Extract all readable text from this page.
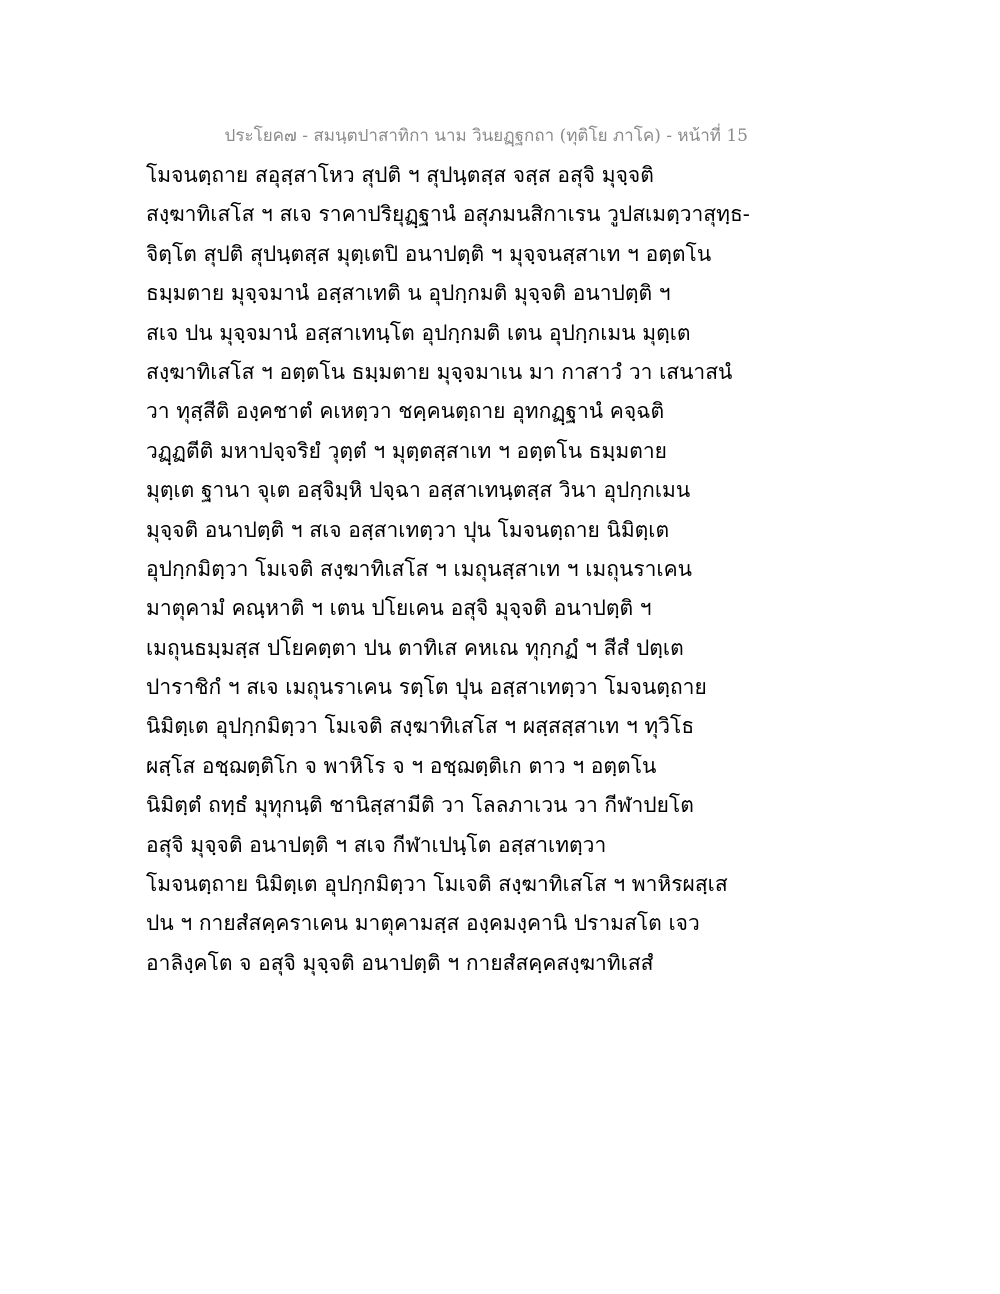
ประโยค๗ - สมนฺตปาสาทิกา นาม วินยฏฺฐกถา (ทุติโย ภาโค) - หน้าที่ 15
โมจนตฺถาย สอุสฺสาโหว สุปติ ฯ สุปนฺตสฺส จสฺส อสุจิ มุจฺจติ
สงฺฆาทิเสโส ฯ สเจ ราคาปริยุฏฺฐานํ อสุภมนสิกาเรน วูปสเมตฺวาสุทฺธ-
จิตฺโต สุปติ สุปนฺตสฺส มุตฺเตปิ อนาปตฺติ ฯ มุจฺจนสฺสาเท ฯ อตฺตโน
ธมฺมตาย มุจฺจมานํ อสฺสาเทติ น อุปกฺกมติ มุจฺจติ อนาปตฺติ ฯ
สเจ ปน มุจฺจมานํ อสฺสาเทนฺโต อุปกฺกมติ เตน อุปกฺกเมน มุตฺเต
สงฺฆาทิเสโส ฯ อตฺตโน ธมฺมตาย มุจฺจมาเน มา กาสาวํ วา เสนาสนํ
วา ทุสฺสีติ องฺคชาตํ คเหตฺวา ชคฺคนตฺถาย อุทกฏฺฐานํ คจฺฉติ
วฏฺฏตีติ มหาปจฺจริยํ วุตฺตํ ฯ มุตฺตสฺสาเท ฯ อตฺตโน ธมฺมตาย
มุตฺเต ฐานา จุเต อสฺจิมฺหิ ปจฺฉา อสฺสาเทนฺตสฺส วินา อุปกฺกเมน
มุจฺจติ อนาปตฺติ ฯ สเจ อสฺสาเทตฺวา ปุน โมจนตฺถาย นิมิตฺเต
อุปกฺกมิตฺวา โมเจติ สงฺฆาทิเสโส ฯ เมถุนสฺสาเท ฯ เมถุนราเคน
มาตุคามํ คณฺหาติ ฯ เตน ปโยเคน อสุจิ มุจฺจติ อนาปตฺติ ฯ
เมถุนธมฺมสฺส ปโยคตฺตา ปน ตาทิเส คหเณ ทุกฺกฏํ ฯ สีสํ ปตฺเต
ปาราชิกํ ฯ สเจ เมถุนราเคน รตฺโต ปุน อสฺสาเทตฺวา โมจนตฺถาย
นิมิตฺเต อุปกฺกมิตฺวา โมเจติ สงฺฆาทิเสโส ฯ ผสฺสสฺสาเท ฯ ทุวิโธ
ผสฺโส อชฺฌตฺติโก จ พาหิโร จ ฯ อชฺฌตฺติเก ตาว ฯ อตฺตโน
นิมิตฺตํ ถทฺธํ มุทุกนฺติ ชานิสฺสามีติ วา โลลภาเวน วา กีฬาปยโต
อสุจิ มุจฺจติ อนาปตฺติ ฯ สเจ กีฬาเปนฺโต อสฺสาเทตฺวา
โมจนตฺถาย นิมิตฺเต อุปกฺกมิตฺวา โมเจติ สงฺฆาทิเสโส ฯ พาหิรผสฺเส
ปน ฯ กายสํสคฺคราเคน มาตุคามสฺส องฺคมงฺคานิ ปรามสโต เจว
อาลิงฺคโต จ อสุจิ มุจฺจติ อนาปตฺติ ฯ กายสํสคฺคสงฺฆาทิเสสํ
